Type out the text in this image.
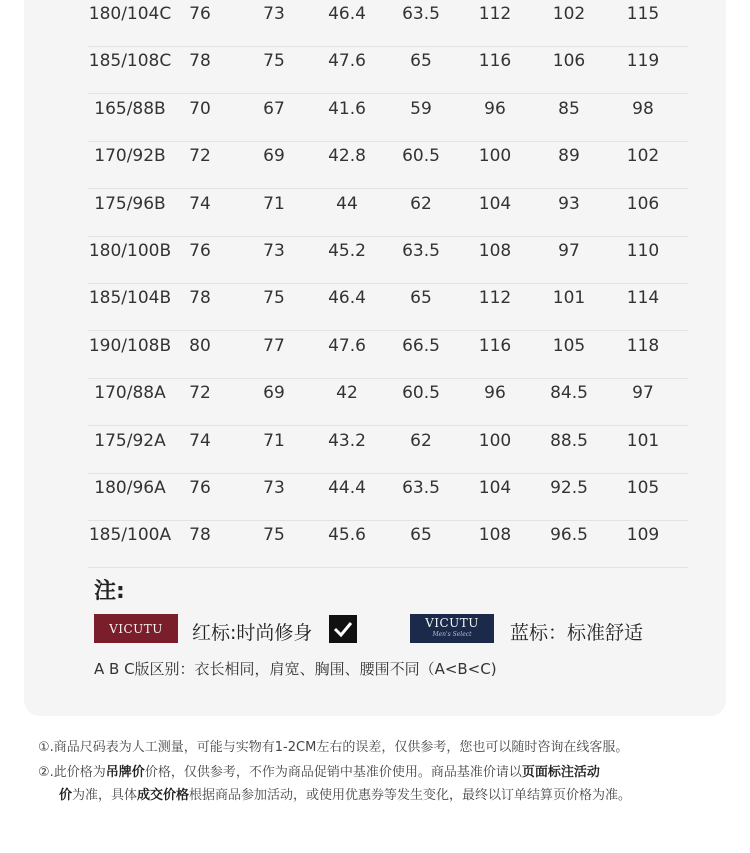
180/104C	76	73	46.4	63.5	112	102	115
185/108C	78	75	47.6	65	116	106	119
165/88B	70	67	41.6	59	96	85	98
170/92B	72	69	42.8	60.5	100	89	102
175/96B	74	71	44	62	104	93	106
180/100B	76	73	45.2	63.5	108	97	110
185/104B	78	75	46.4	65	112	101	114
190/108B	80	77	47.6	66.5	116	105	118
170/88A	72	69	42	60.5	96	84.5	97
175/92A	74	71	43.2	62	100	88.5	101
180/96A	76	73	44.4	63.5	104	92.5	105
185/100A	78	75	45.6	65	108	96.5	109
注:
VICUTU 红标:时尚修身	VICUTU
Men's Select 蓝标：标准舒适
A B C版区别：衣长相同，肩宽、胸围、腰围不同（A<B<C)
①.商品尺码表为人工测量，可能与实物有1-2CM左右的误差，仅供参考，您也可以随时咨询在线客服。
②.此价格为吊牌价价格，仅供参考，不作为商品促销中基准价使用。商品基准价请以页面标注活动
价为准，具体成交价格根据商品参加活动，或使用优惠券等发生变化，最终以订单结算页价格为准。
